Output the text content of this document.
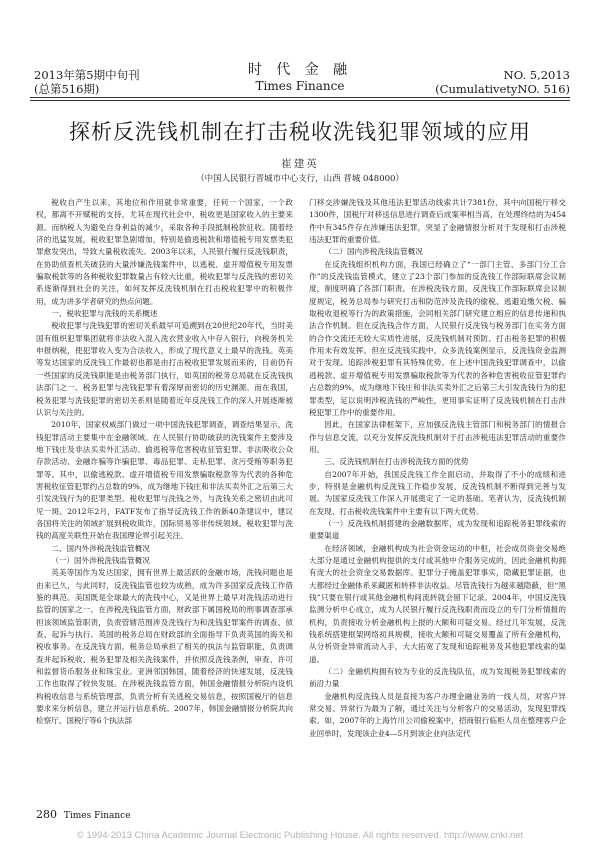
2013年第5期中旬刊
(总第516期)
时 代 金 融
Times Finance
NO. 5,2013
(CumulativetyNO. 516)
探析反洗钱机制在打击税收洗钱犯罪领域的应用
崔建英
（中国人民银行晋城市中心支行，山西 晋城 048000）

税收自产生以来，其地位和作用就非常重要，任何一个国家，一个政权，都离不开赋税的支持，尤其在现代社会中，税收更是国家收入的主要来源。而纳税人为避免自身利益的减少，采取各种手段抵制税款征收。随着经济的迅猛发展，税收犯罪急剧增加，特别是偷逃税款和增值税专用发票类犯罪愈发突出，导致大量税收流失。2003年以来，人民银行履行反洗钱职责，在协助侦查机关破获的大量涉嫌洗钱案件中，以逃税、虚开增值税专用发票骗取税款等的各种税收犯罪数量占有较大比重，税收犯罪与反洗钱的密切关系逐渐得到社会的关注，如何发挥反洗钱机制在打击税收犯罪中的积极作用，成为讲多学者研究的热点问题。

一、税收犯罪与洗钱的关系概述

税收犯罪与洗钱犯罪的密切关系最早可追溯到在20世纪20年代，当时美国有组织犯罪集团就将非法收入混入洗衣营业收入中存入银行，向税务机关申报纳税，使犯罪收入变为合法收入，形成了现代意义上最早的洗钱。英美等发达国家的反洗钱工作最初也都是由打击税收犯罪发展而来的，目前仍有一些国家的反洗钱职能是由税务部门执行，如英国的税务总局就在反洗钱执法部门之一。税务犯罪与洗钱犯罪有着深厚而密切的历史渊源。而在我国，税务犯罪与洗钱犯罪的密切关系则是随着近年反洗钱工作的深入开展逐渐被认识与关注的。

2010年，国家权威部门做过一项中国洗钱犯罪调查，调查结果显示，洗钱犯罪活动主要集中在金融领域。在人民银行协助破获的洗钱案件主要涉及地下钱庄及非法买卖外汇活动、偷逃税等危害税收征管犯罪、非法吸收公众存款活动、金融诈骗等诈骗犯罪、毒品犯罪、走私犯罪、贪污受贿等职务犯罪等。其中，以偷逃税款、虚开增值税专用发票骗取税款等为代表的各种危害税收征管犯罪约占总数的9%，成为继地下钱庄和非法买卖外汇之后第三大引发洗钱行为的犯罪类型。税收犯罪与洗钱之外，与洗钱关系之密切由此可见一斑。2012年2月，FATF发布了指导反洗钱工作的新40条建议中，建议各国将关注的领域扩展到税收欺诈，国际贸易等非传统领域。税收犯罪与洗钱的高度关联性开始在我国理论界引起关注。

二、国内外涉税洗钱监管概况

（一）国外涉税洗钱监管概况

英美等国作为发达国家，拥有世界上最活跃的金融市场，洗钱问题也是由来已久，与此同时，反洗钱监管也较为成熟，成为许多国家反洗钱工作借鉴的典范。美国既是全球最大的洗钱中心，又是世界上最早对洗钱活动进行监管的国家之一。在涉税洗钱监管方面，财政部下属国税局的刑事调查部承担该领域监管职责，负责管辖范围涉及洗钱行为和洗钱犯罪案件的调查、侦查、起诉与执行。英国的税务总局在财政部的全面指导下负责英国的海关和税收事务。在反洗钱方面，税务总局承担了相关的执法与监管职能，负责调查并起诉税收、税务犯罪及相关洗钱案件，并依照反洗钱条例，审查、许可和监督货币服务业和珠宝业。亚洲邻国韩国，随着经济的快速发展，反洗钱工作也取得了较快发展。在涉税洗钱监管方面，韩国金融情报分析院内设机构税收信息与系统管理部，负责分析有关逃税交易信息，按照国税厅的信息要求来分析信息，建立并运行信息系统。2007年，韩国金融情报分析院共向检察厅、国税厅等6个执法部

门移交涉嫌洗钱及其他违法犯罪活动线索共计7381份，其中向国税厅移交1300件，国税厅对移送信息进行调查后成案率相当高，在处理终结的为454件中有345件存在涉嫌违法犯罪，突显了金融情报分析对于发现和打击涉税违法犯罪的重要价值。

（二）国内涉税洗钱监管概况

在反洗钱组织机构方面，我国已经确立了“一部门主管、多部门分工合作”的反洗钱监管模式，建立了23个部门参加的反洗钱工作部际联席会议制度，制度明确了各部门职责。在涉税洗钱方面，反洗钱工作部际联席会议制度规定，税务总局参与研究打击和防范涉及洗钱的偷税、逃避追缴欠税、骗取税收退税等行为的政策措施，会同相关部门研究建立相应的信息传递和执法合作机制。但在反洗钱合作方面，人民银行反洗钱与税务部门在实务方面的合作交流还无较大实质性进展，反洗钱机制对预防、打击税务犯罪的积极作用未有效发挥。但在反洗钱实践中，众多洗钱案例显示，反洗钱资金监测对于发现、追踪涉税犯罪有其特殊优势。在上述中国洗钱犯罪调查中，以偷逃税款、虚开增值税专用发票骗取税款等为代表的各种危害税收征管犯罪约占总数的9%，成为继地下钱庄和非法买卖外汇之后第三大引发洗钱行为的犯罪类型，足以说明涉税洗钱的严峻性，更用事实证明了反洗钱机制在打击涉税犯罪工作中的重要作用。

因此，在国家法律框架下，应加强反洗钱主管部门和税务部门的情报合作与信息交流，以充分发挥反洗钱机制对于打击涉税违法犯罪活动的重要作用。

三、反洗钱机制在打击涉税洗钱方面的优势

自2007年开始，我国反洗钱工作全面启动，并取得了不小的成绩和进步，特别是金融机构反洗钱工作稳步发展，反洗钱机制不断得到完善与发展。为国家反洗钱工作深入开展奠定了一定的基础。笔者认为，反洗钱机制在发现、打击税收洗钱案件中主要有以下两大优势。

（一）反洗钱机制搭建的金融数据库，成为发现和追踪税务犯罪线索的重要渠道

在经济领域，金融机构成为社会资金运动的中枢，社会成员资金交易绝大部分是通过金融机构提供的支付或其他中介服务完成的，因此金融机构拥有庞大的社会资金交易数据库。犯罪分子掩盖犯罪事实，隐藏犯罪证据，也大都经过金融体系来藏匿和转移非法收益。尽管洗钱行为越来越隐蔽，但“黑钱”只要在银行或其他金融机构间流转就会留下记录。2004年，中国反洗钱监测分析中心成立，成为人民银行履行反洗钱职责而设立的专门分析情报的机构，负责接收分析金融机构上报的大额和可疑交易。经过几年发展，反洗钱系统搭建框架网络初具规模，接收大额和可疑交易覆盖了所有金融机构，从分析资金异常流动入手，大大拓宽了发现和追踪税务及其他犯罪线索的渠道。

（二）金融机构拥有较为专业的反洗钱队伍，成为发现税务犯罪线索的前沿力量

金融机构反洗钱人员是直接为客户办理金融业务的一线人员，对客户异常交易、异常行为最为了解，通过关注与分析客户的交易活动，发现犯罪线索。如，2007年的上海竹川公司偷税案中，招商银行临柜人员在整理客户企业回单时，发现该企业4—5月到该企业向法定代

280 Times Finance
© 1994-2013 China Academic Journal Electronic Publishing House. All rights reserved. http://www.cnki.net
